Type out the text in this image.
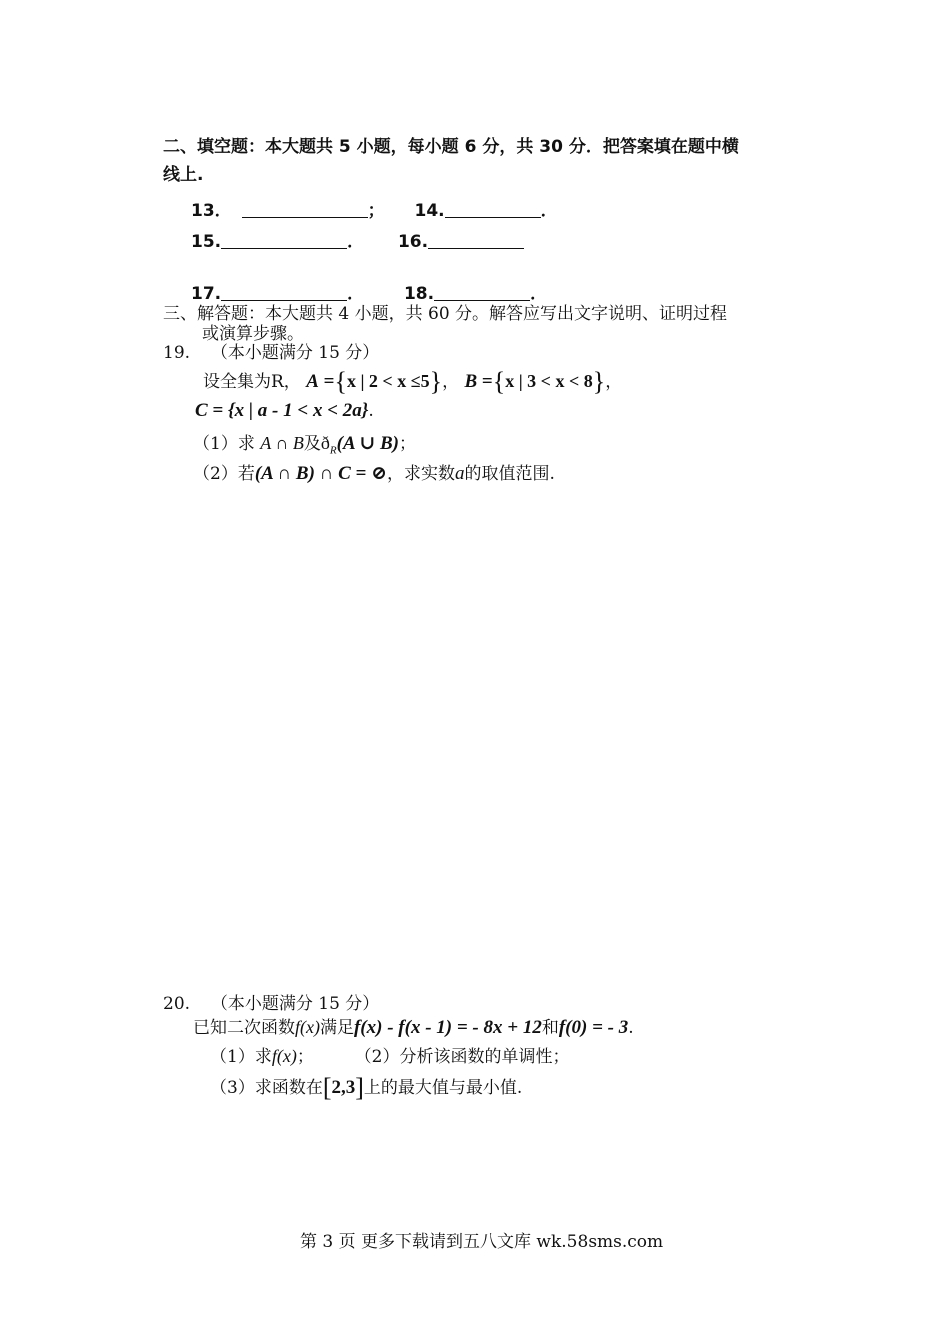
二、填空题：本大题共 5 小题，每小题 6 分，共 30 分．把答案填在题中横
线上.
13．	； 14.	．
15.	． 16.
17.	． 18.	．
三、解答题：本大题共 4 小题，共 60 分。解答应写出文字说明、证明过程
或演算步骤。
19. （本小题满分 15 分）
设全集为R， A ={x | 2 < x ≤5}， B ={x | 3 < x < 8}，
C = {x | a - 1 < x < 2a}.
（1）求 A ∩ B及$ð_R(A$ ∪ B)；
（2）若(A ∩ B) ∩ C = ⊘，求实数a的取值范围.
20. （本小题满分 15 分）
已知二次函数f(x)满足f(x) - f(x - 1) = - 8x + 12和f(0) = - 3.
（1）求f(x)； （2）分析该函数的单调性；
（3）求函数在[2,3]上的最大值与最小值.
第 3 页 更多下载请到五八文库 wk.58sms.com
